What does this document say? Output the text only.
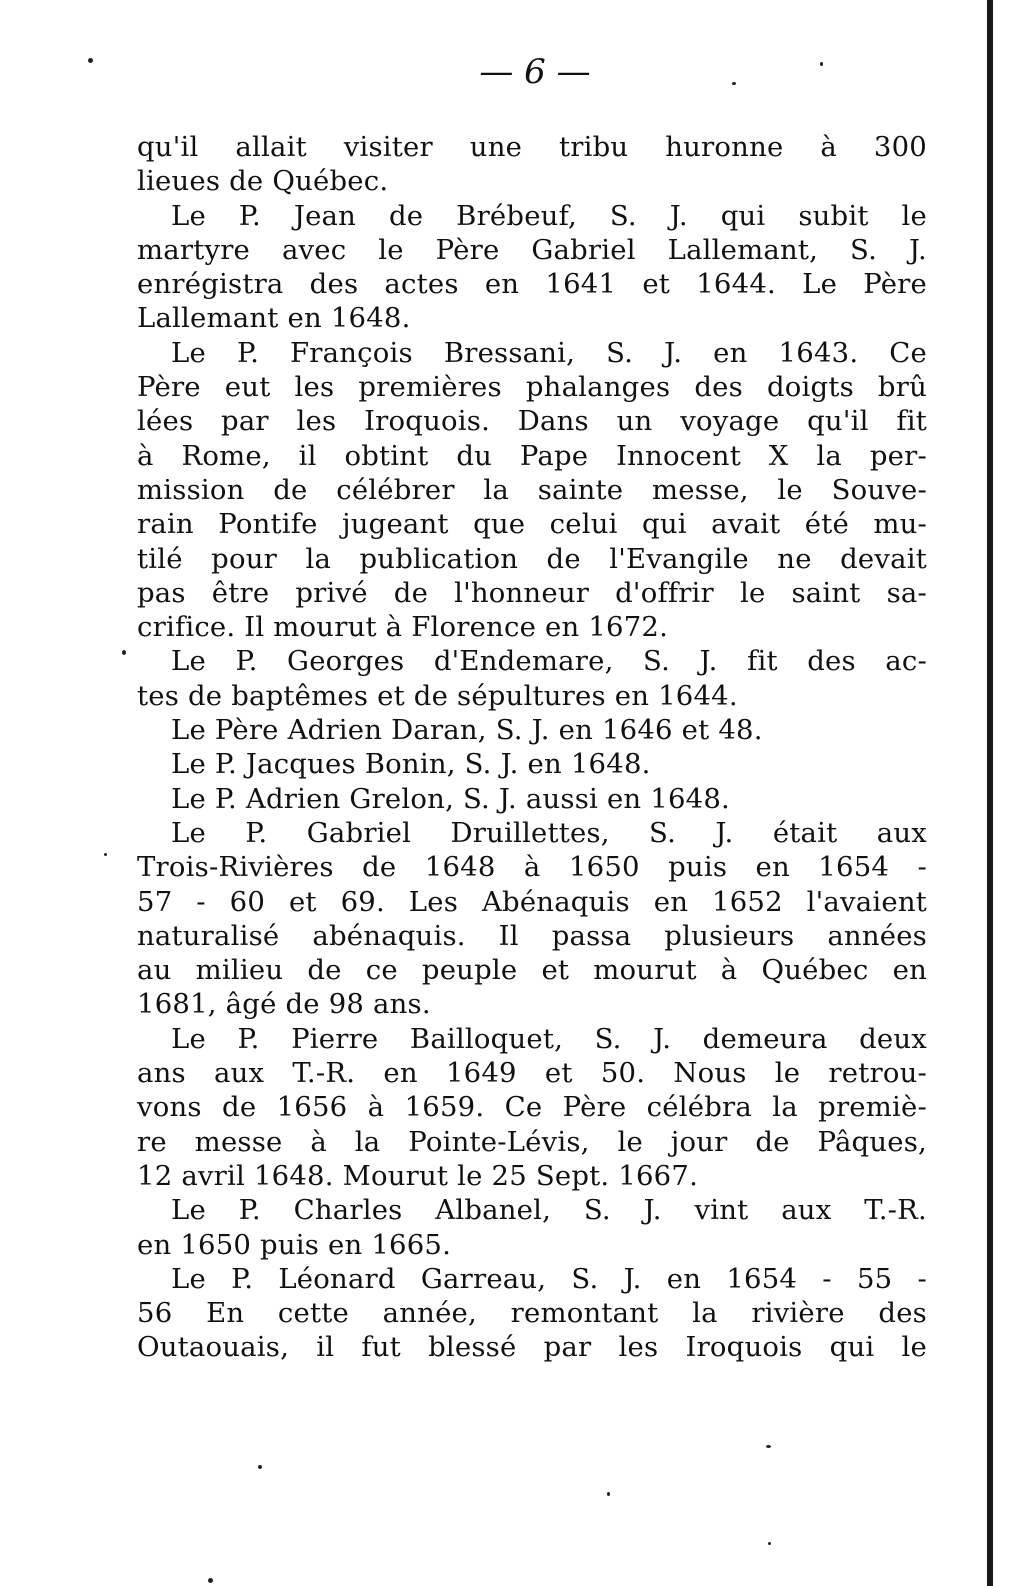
— 6 —
qu'il allait visiter une tribu huronne à 300
lieues de Québec.
Le P. Jean de Brébeuf, S. J. qui subit le
martyre avec le Père Gabriel Lallemant, S. J.
enrégistra des actes en 1641 et 1644. Le Père
Lallemant en 1648.
Le P. François Bressani, S. J. en 1643. Ce
Père eut les premières phalanges des doigts brû
lées par les Iroquois. Dans un voyage qu'il fit
à Rome, il obtint du Pape Innocent X la per-
mission de célébrer la sainte messe, le Souve-
rain Pontife jugeant que celui qui avait été mu-
tilé pour la publication de l'Evangile ne devait
pas être privé de l'honneur d'offrir le saint sa-
crifice. Il mourut à Florence en 1672.
Le P. Georges d'Endemare, S. J. fit des ac-
tes de baptêmes et de sépultures en 1644.
Le Père Adrien Daran, S. J. en 1646 et 48.
Le P. Jacques Bonin, S. J. en 1648.
Le P. Adrien Grelon, S. J. aussi en 1648.
Le P. Gabriel Druillettes, S. J. était aux
Trois-Rivières de 1648 à 1650 puis en 1654 -
57 - 60 et 69. Les Abénaquis en 1652 l'avaient
naturalisé abénaquis. Il passa plusieurs années
au milieu de ce peuple et mourut à Québec en
1681, âgé de 98 ans.
Le P. Pierre Bailloquet, S. J. demeura deux
ans aux T.-R. en 1649 et 50. Nous le retrou-
vons de 1656 à 1659. Ce Père célébra la premiè-
re messe à la Pointe-Lévis, le jour de Pâques,
12 avril 1648. Mourut le 25 Sept. 1667.
Le P. Charles Albanel, S. J. vint aux T.-R.
en 1650 puis en 1665.
Le P. Léonard Garreau, S. J. en 1654 - 55 -
56 En cette année, remontant la rivière des
Outaouais, il fut blessé par les Iroquois qui le
